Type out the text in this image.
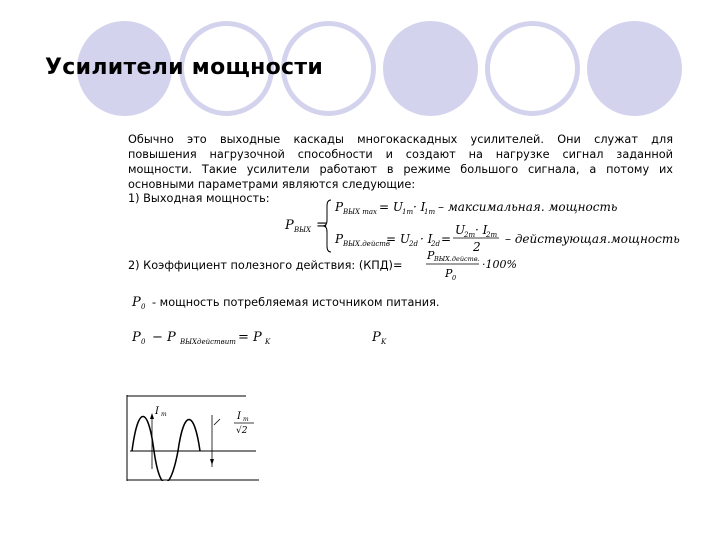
Усилители мощности
Обычно это выходные каскады многокаскадных усилителей. Они служат для
повышения нагрузочной способности и создают на нагрузке сигнал заданной
мощности. Такие усилители работают в режиме большого сигнала, а потому их
основными параметрами являются следующие:
1) Выходная мощность:
P ВЫХ =
P ВЫХ max = U 1m · I
1m – максимальная. мощность
P ВЫХ.действ
= U 2d · I
2d =
U
2m · I
2m
2
– действующая.мощность
2) Коэффициент полезного действия: (КПД)=
P ВЫХ.действ.
P 0
·100%
P 0 - мощность потребляемая источником питания.
P 0 − P ВЫХдействит = P K	P K
I m	I m
√2
